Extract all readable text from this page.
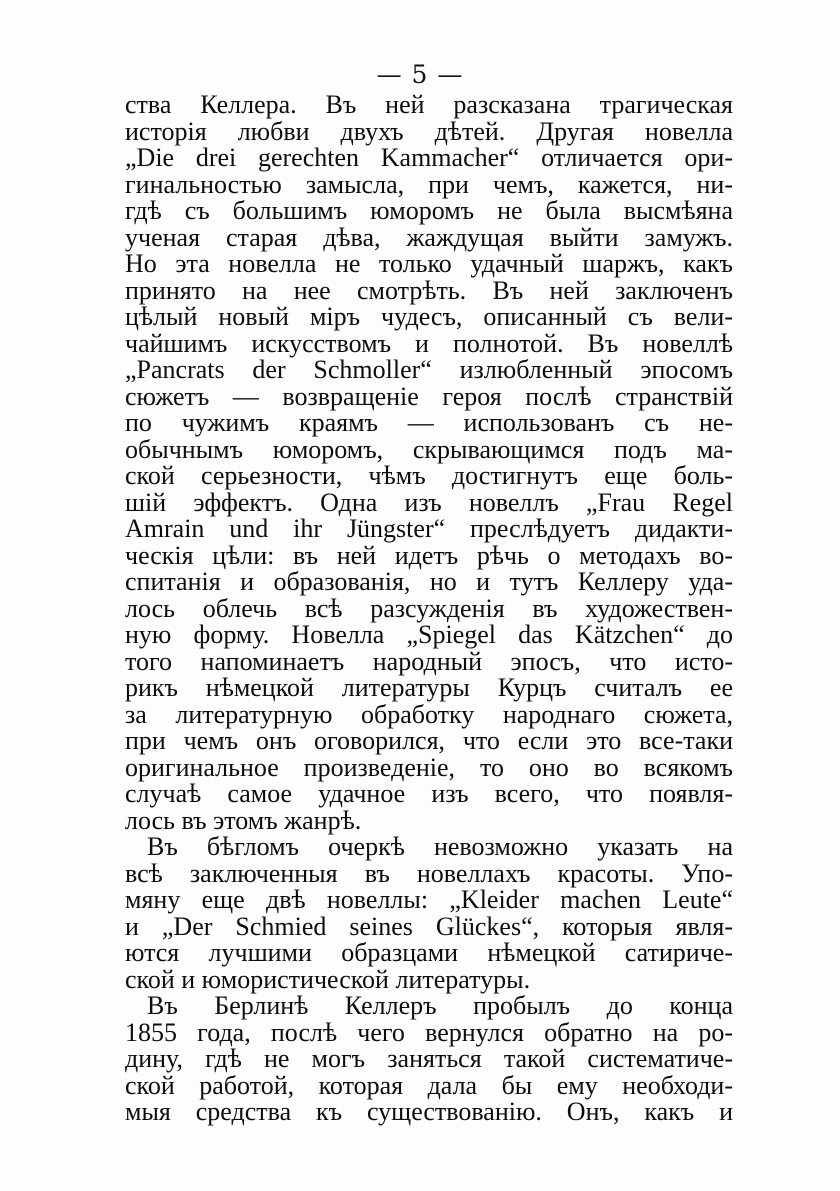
— 5 —
ства Келлера. Въ ней разсказана трагическая
исторія любви двухъ дѣтей. Другая новелла
„Die drei gerechten Kammacher“ отличается ори-
гинальностью замысла, при чемъ, кажется, ни-
гдѣ съ большимъ юморомъ не была высмѣяна
ученая старая дѣва, жаждущая выйти замужъ.
Но эта новелла не только удачный шаржъ, какъ
принято на нее смотрѣть. Въ ней заключенъ
цѣлый новый міръ чудесъ, описанный съ вели-
чайшимъ искусствомъ и полнотой. Въ новеллѣ
„Pancrats der Schmoller“ излюбленный эпосомъ
сюжетъ — возвращеніе героя послѣ странствій
по чужимъ краямъ — использованъ съ не-
обычнымъ юморомъ, скрывающимся подъ ма-
ской серьезности, чѣмъ достигнутъ еще боль-
шій эффектъ. Одна изъ новеллъ „Frau Regel
Amrain und ihr Jüngster“ преслѣдуетъ дидакти-
ческія цѣли: въ ней идетъ рѣчь о методахъ во-
спитанія и образованія, но и тутъ Келлеру уда-
лось облечь всѣ разсужденія въ художествен-
ную форму. Новелла „Spiegel das Kätzchen“ до
того напоминаетъ народный эпосъ, что исто-
рикъ нѣмецкой литературы Курцъ считалъ ее
за литературную обработку народнаго сюжета,
при чемъ онъ оговорился, что если это все-таки
оригинальное произведеніе, то оно во всякомъ
случаѣ самое удачное изъ всего, что появля-
лось въ этомъ жанрѣ.
Въ бѣгломъ очеркѣ невозможно указать на
всѣ заключенныя въ новеллахъ красоты. Упо-
мяну еще двѣ новеллы: „Kleider machen Leute“
и „Der Schmied seines Glückes“, которыя явля-
ются лучшими образцами нѣмецкой сатириче-
ской и юмористической литературы.
Въ Берлинѣ Келлеръ пробылъ до конца
1855 года, послѣ чего вернулся обратно на ро-
дину, гдѣ не могъ заняться такой систематиче-
ской работой, которая дала бы ему необходи-
мыя средства къ существованію. Онъ, какъ и
